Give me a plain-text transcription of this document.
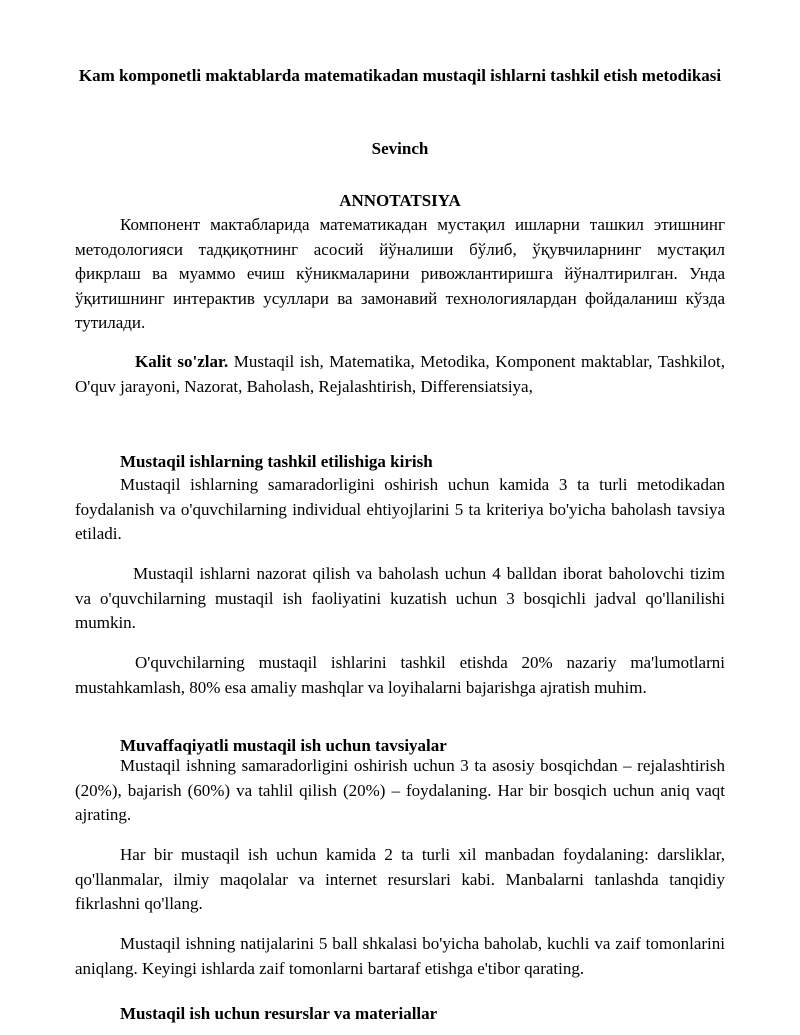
Kam komponetli maktablarda matematikadan mustaqil ishlarni tashkil etish metodikasi
Sevinch
ANNOTATSIYA
Компонент мактабларида математикадан мустақил ишларни ташкил этишнинг методологияси тадқиқотнинг асосий йўналиши бўлиб, ўқувчиларнинг мустақил фикрлаш ва муаммо ечиш кўникмаларини ривожлантиришга йўналтирилган. Унда ўқитишнинг интерактив усуллари ва замонавий технологиялардан фойдаланиш кўзда тутилади.
Kalit so'zlar. Mustaqil ish, Matematika, Metodika, Komponent maktablar, Tashkilot, O'quv jarayoni, Nazorat, Baholash, Rejalashtirish, Differensiatsiya,
Mustaqil ishlarning tashkil etilishiga kirish
Mustaqil ishlarning samaradorligini oshirish uchun kamida 3 ta turli metodikadan foydalanish va o'quvchilarning individual ehtiyojlarini 5 ta kriteriya bo'yicha baholash tavsiya etiladi.
Mustaqil ishlarni nazorat qilish va baholash uchun 4 balldan iborat baholovchi tizim va o'quvchilarning mustaqil ish faoliyatini kuzatish uchun 3 bosqichli jadval qo'llanilishi mumkin.
O'quvchilarning mustaqil ishlarini tashkil etishda 20% nazariy ma'lumotlarni mustahkamlash, 80% esa amaliy mashqlar va loyihalarni bajarishga ajratish muhim.
Muvaffaqiyatli mustaqil ish uchun tavsiyalar
Mustaqil ishning samaradorligini oshirish uchun 3 ta asosiy bosqichdan – rejalashtirish (20%), bajarish (60%) va tahlil qilish (20%) – foydalaning. Har bir bosqich uchun aniq vaqt ajrating.
Har bir mustaqil ish uchun kamida 2 ta turli xil manbadan foydalaning: darsliklar, qo'llanmalar, ilmiy maqolalar va internet resurslari kabi. Manbalarni tanlashda tanqidiy fikrlashni qo'llang.
Mustaqil ishning natijalarini 5 ball shkalasi bo'yicha baholab, kuchli va zaif tomonlarini aniqlang. Keyingi ishlarda zaif tomonlarni bartaraf etishga e'tibor qarating.
Mustaqil ish uchun resurslar va materiallar
